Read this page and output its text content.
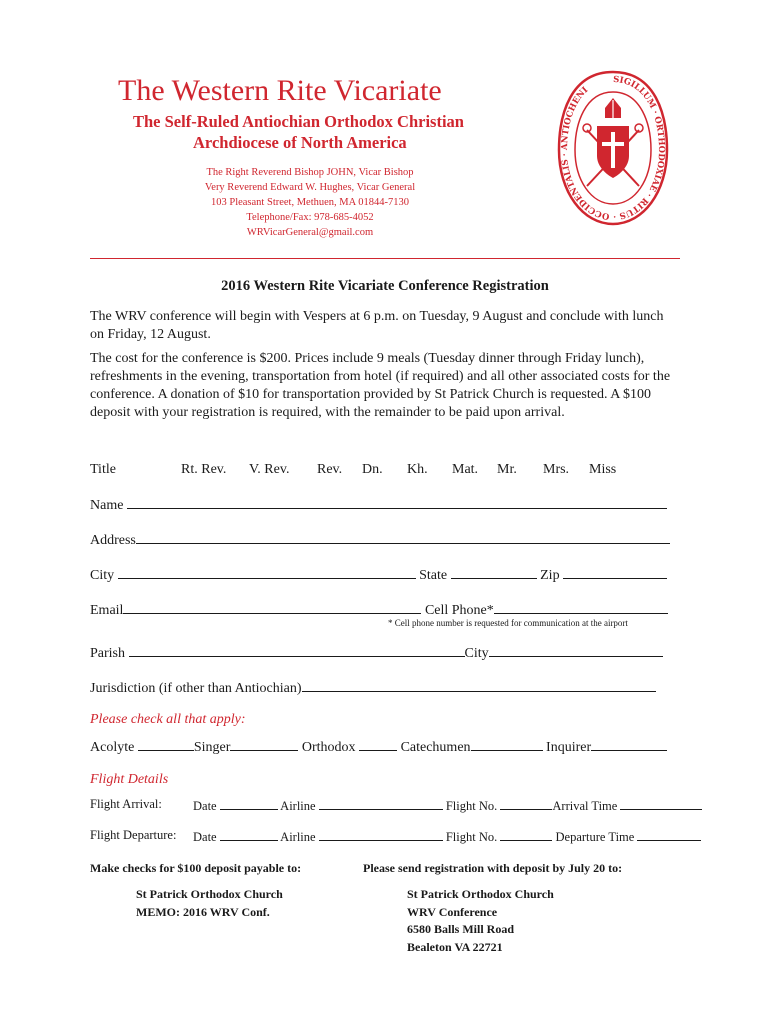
The Western Rite Vicariate
The Self-Ruled Antiochian Orthodox Christian
Archdiocese of North America
The Right Reverend Bishop JOHN, Vicar Bishop
Very Reverend Edward W. Hughes, Vicar General
103 Pleasant Street, Methuen, MA 01844-7130
Telephone/Fax: 978-685-4052
WRVicarGeneral@gmail.com
SIGILLUM · ORTHODOXIAE · RITUS · OCCIDENTALIS · ANTIOCHENI
2016 Western Rite Vicariate Conference Registration
The WRV conference will begin with Vespers at 6 p.m. on Tuesday, 9 August and conclude with lunch on Friday, 12 August.
The cost for the conference is $200. Prices include 9 meals (Tuesday dinner through Friday lunch), refreshments in the evening, transportation from hotel (if required) and all other associated costs for the conference. A donation of $10 for transportation provided by St Patrick Church is requested. A $100 deposit with your registration is required, with the remainder to be paid upon arrival.
Title	Rt. Rev. V. Rev. Rev. Dn. Kh. Mat. Mr. Mrs. Miss
Name
Address
City	State	Zip
Email	Cell Phone*
* Cell phone number is requested for communication at the airport
Parish	City
Jurisdiction (if other than Antiochian)
Please check all that apply:
Acolyte	Singer	Orthodox	Catechumen	Inquirer
Flight Details
Flight Arrival: Date	Airline	Flight No.	Arrival Time
Flight Departure: Date	Airline	Flight No.	Departure Time
Make checks for $100 deposit payable to:	Please send registration with deposit by July 20 to:
St Patrick Orthodox Church
MEMO: 2016 WRV Conf.
St Patrick Orthodox Church
WRV Conference
6580 Balls Mill Road
Bealeton VA 22721
